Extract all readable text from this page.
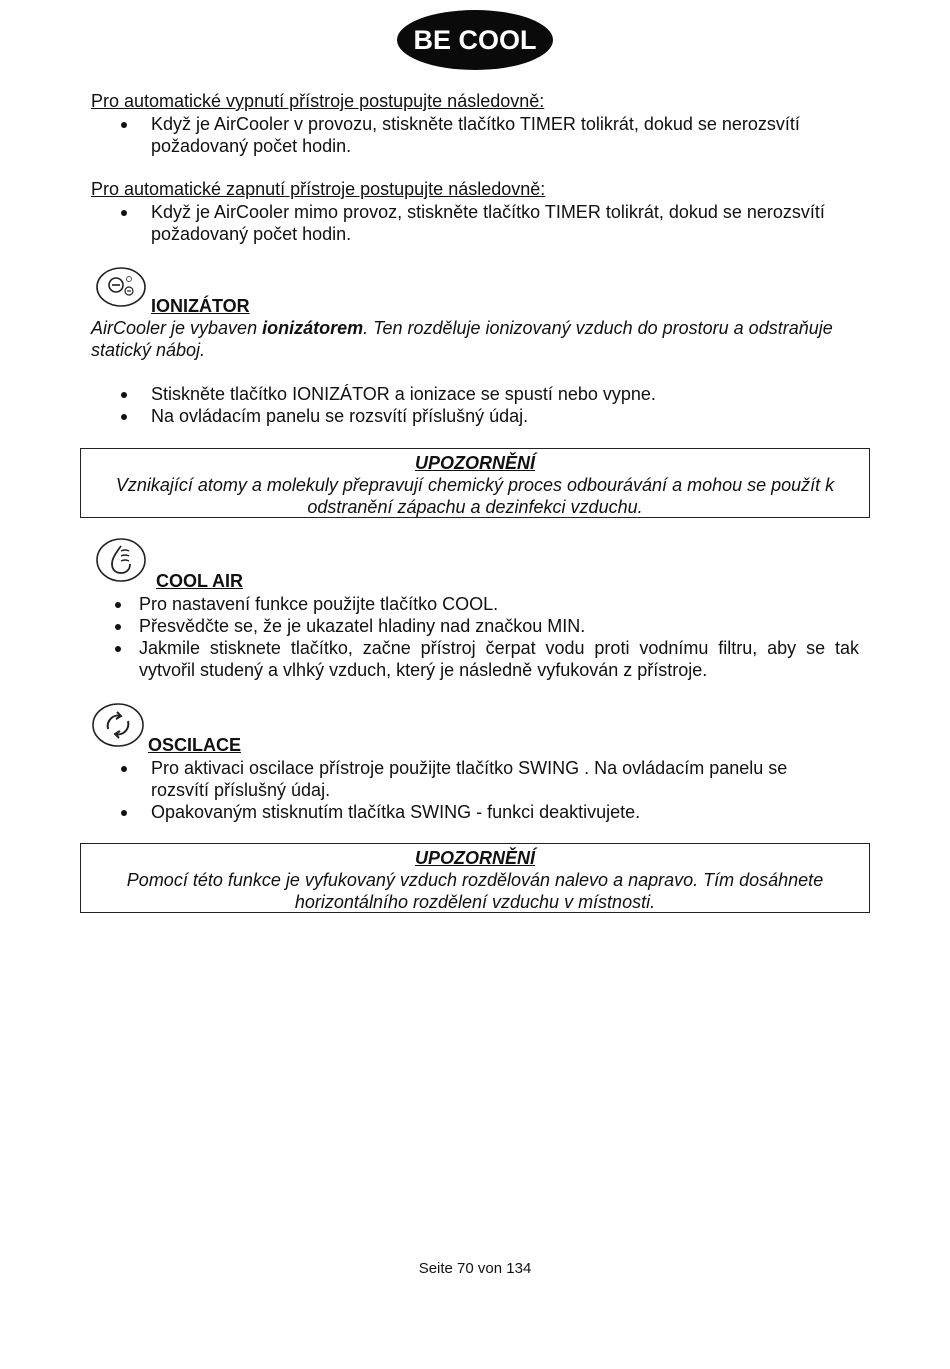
BE COOL
Pro automatické vypnutí přístroje postupujte následovně:
Když je AirCooler v provozu, stiskněte tlačítko TIMER tolikrát, dokud se nerozsvítí požadovaný počet hodin.
Pro automatické zapnutí přístroje postupujte následovně:
Když je AirCooler mimo provoz, stiskněte tlačítko TIMER tolikrát, dokud se nerozsvítí požadovaný počet hodin.
IONIZÁTOR
AirCooler je vybaven ionizátorem. Ten rozděluje ionizovaný vzduch do prostoru a odstraňuje statický náboj.
Stiskněte tlačítko IONIZÁTOR a ionizace se spustí nebo vypne.
Na ovládacím panelu se rozsvítí příslušný údaj.
UPOZORNĚNÍ
Vznikající atomy a molekuly přepravují chemický proces odbourávání a mohou se použít k odstranění zápachu a dezinfekci vzduchu.
COOL AIR
Pro nastavení funkce použijte tlačítko COOL.
Přesvědčte se, že je ukazatel hladiny nad značkou MIN.
Jakmile stisknete tlačítko, začne přístroj čerpat vodu proti vodnímu filtru, aby se tak vytvořil studený a vlhký vzduch, který je následně vyfukován z přístroje.
OSCILACE
Pro aktivaci oscilace přístroje použijte tlačítko SWING . Na ovládacím panelu se rozsvítí příslušný údaj.
Opakovaným stisknutím tlačítka SWING - funkci deaktivujete.
UPOZORNĚNÍ
Pomocí této funkce je vyfukovaný vzduch rozdělován nalevo a napravo. Tím dosáhnete horizontálního rozdělení vzduchu v místnosti.
Seite 70 von 134
